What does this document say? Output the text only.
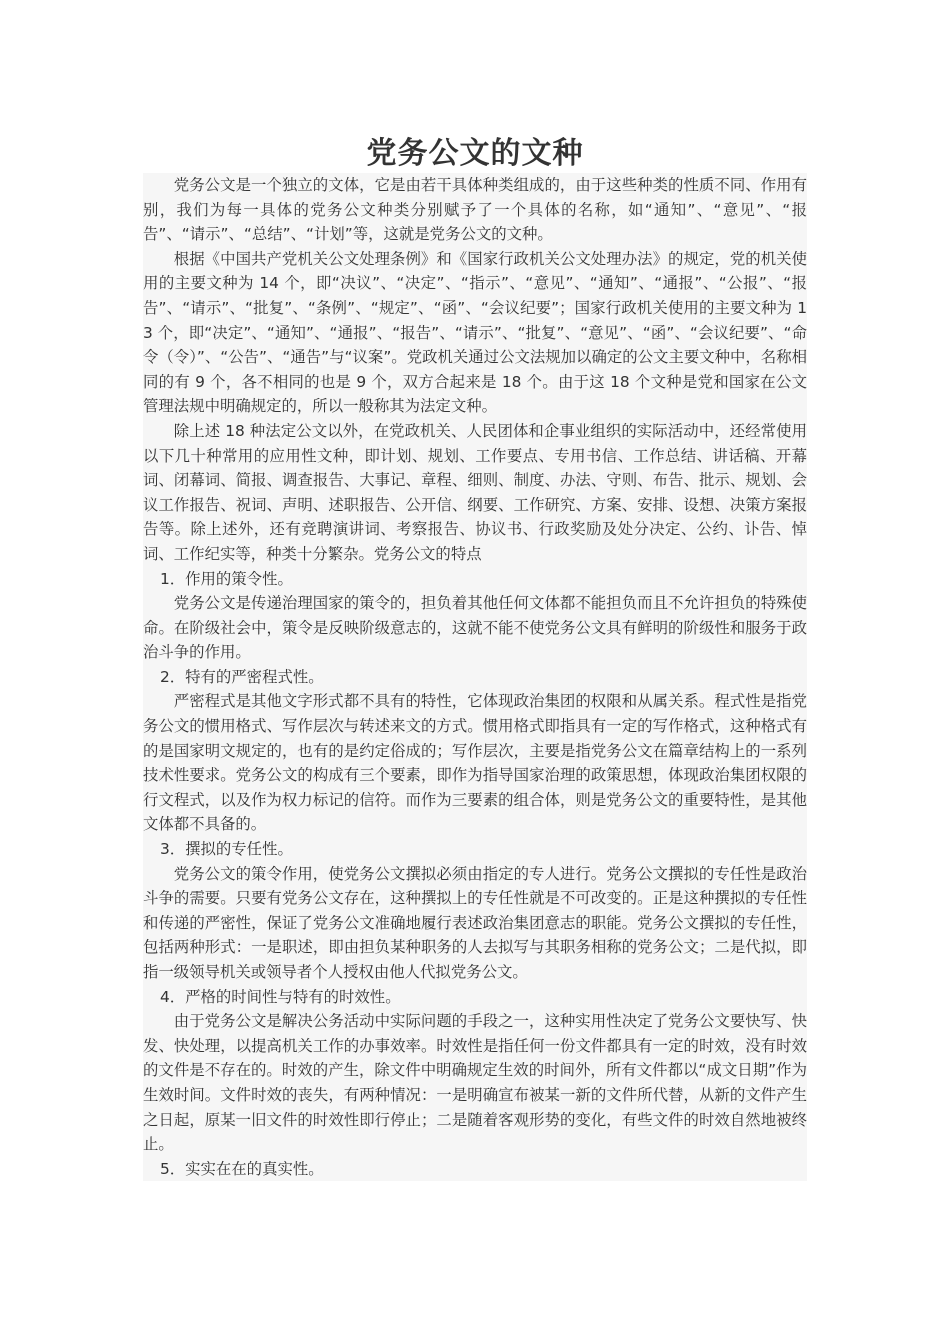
党务公文的文种

党务公文是一个独立的文体，它是由若干具体种类组成的，由于这些种类的性质不同、作用有别，我们为每一具体的党务公文种类分别赋予了一个具体的名称，如“通知”、“意见”、“报告”、“请示”、“总结”、“计划”等，这就是党务公文的文种。

根据《中国共产党机关公文处理条例》和《国家行政机关公文处理办法》的规定，党的机关使用的主要文种为 14 个，即“决议”、“决定”、“指示”、“意见”、“通知”、“通报”、“公报”、“报告”、“请示”、“批复”、“条例”、“规定”、“函”、“会议纪要”；国家行政机关使用的主要文种为 13 个，即“决定”、“通知”、“通报”、“报告”、“请示”、“批复”、“意见”、“函”、“会议纪要”、“命令（令）”、“公告”、“通告”与“议案”。党政机关通过公文法规加以确定的公文主要文种中，名称相同的有 9 个，各不相同的也是 9 个，双方合起来是 18 个。由于这 18 个文种是党和国家在公文管理法规中明确规定的，所以一般称其为法定文种。

除上述 18 种法定公文以外，在党政机关、人民团体和企事业组织的实际活动中，还经常使用以下几十种常用的应用性文种，即计划、规划、工作要点、专用书信、工作总结、讲话稿、开幕词、闭幕词、简报、调查报告、大事记、章程、细则、制度、办法、守则、布告、批示、规划、会议工作报告、祝词、声明、述职报告、公开信、纲要、工作研究、方案、安排、设想、决策方案报告等。除上述外，还有竞聘演讲词、考察报告、协议书、行政奖励及处分决定、公约、讣告、悼词、工作纪实等，种类十分繁杂。党务公文的特点

1．作用的策令性。

党务公文是传递治理国家的策令的，担负着其他任何文体都不能担负而且不允许担负的特殊使命。在阶级社会中，策令是反映阶级意志的，这就不能不使党务公文具有鲜明的阶级性和服务于政治斗争的作用。

2．特有的严密程式性。

严密程式是其他文字形式都不具有的特性，它体现政治集团的权限和从属关系。程式性是指党务公文的惯用格式、写作层次与转述来文的方式。惯用格式即指具有一定的写作格式，这种格式有的是国家明文规定的，也有的是约定俗成的；写作层次，主要是指党务公文在篇章结构上的一系列技术性要求。党务公文的构成有三个要素，即作为指导国家治理的政策思想，体现政治集团权限的行文程式，以及作为权力标记的信符。而作为三要素的组合体，则是党务公文的重要特性，是其他文体都不具备的。

3．撰拟的专任性。

党务公文的策令作用，使党务公文撰拟必须由指定的专人进行。党务公文撰拟的专任性是政治斗争的需要。只要有党务公文存在，这种撰拟上的专任性就是不可改变的。正是这种撰拟的专任性和传递的严密性，保证了党务公文准确地履行表述政治集团意志的职能。党务公文撰拟的专任性，包括两种形式：一是职述，即由担负某种职务的人去拟写与其职务相称的党务公文；二是代拟，即指一级领导机关或领导者个人授权由他人代拟党务公文。

4．严格的时间性与特有的时效性。

由于党务公文是解决公务活动中实际问题的手段之一，这种实用性决定了党务公文要快写、快发、快处理，以提高机关工作的办事效率。时效性是指任何一份文件都具有一定的时效，没有时效的文件是不存在的。时效的产生，除文件中明确规定生效的时间外，所有文件都以“成文日期”作为生效时间。文件时效的丧失，有两种情况：一是明确宣布被某一新的文件所代替，从新的文件产生之日起，原某一旧文件的时效性即行停止；二是随着客观形势的变化，有些文件的时效自然地被终止。

5．实实在在的真实性。
